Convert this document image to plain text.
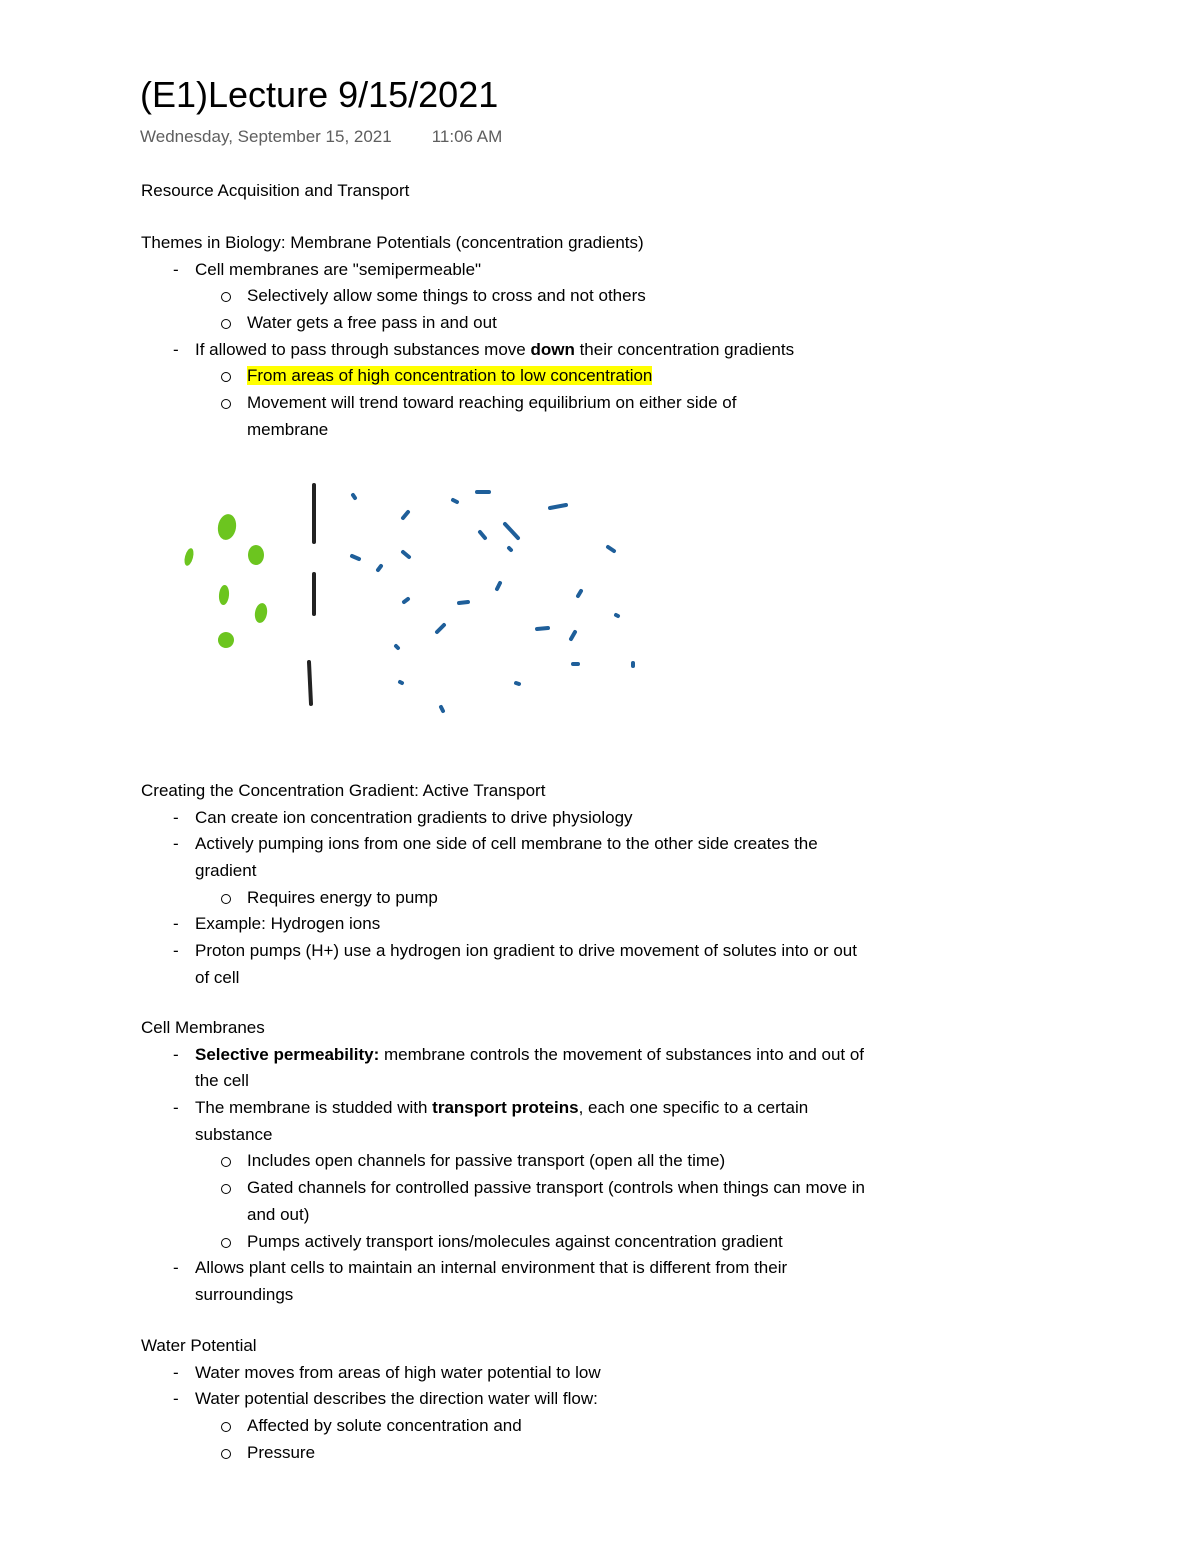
(E1)Lecture 9/15/2021
Wednesday, September 15, 2021 11:06 AM
Resource Acquisition and Transport
Themes in Biology: Membrane Potentials (concentration gradients)
- Cell membranes are "semipermeable"
Selectively allow some things to cross and not others
Water gets a free pass in and out
- If allowed to pass through substances move down their concentration gradients
From areas of high concentration to low concentration
Movement will trend toward reaching equilibrium on either side of
membrane
Creating the Concentration Gradient: Active Transport
- Can create ion concentration gradients to drive physiology
- Actively pumping ions from one side of cell membrane to the other side creates the
gradient
Requires energy to pump
- Example: Hydrogen ions
- Proton pumps (H+) use a hydrogen ion gradient to drive movement of solutes into or out
of cell
Cell Membranes
- Selective permeability: membrane controls the movement of substances into and out of
the cell
- The membrane is studded with transport proteins, each one specific to a certain
substance
Includes open channels for passive transport (open all the time)
Gated channels for controlled passive transport (controls when things can move in
and out)
Pumps actively transport ions/molecules against concentration gradient
- Allows plant cells to maintain an internal environment that is different from their
surroundings
Water Potential
- Water moves from areas of high water potential to low
- Water potential describes the direction water will flow:
Affected by solute concentration and
Pressure
